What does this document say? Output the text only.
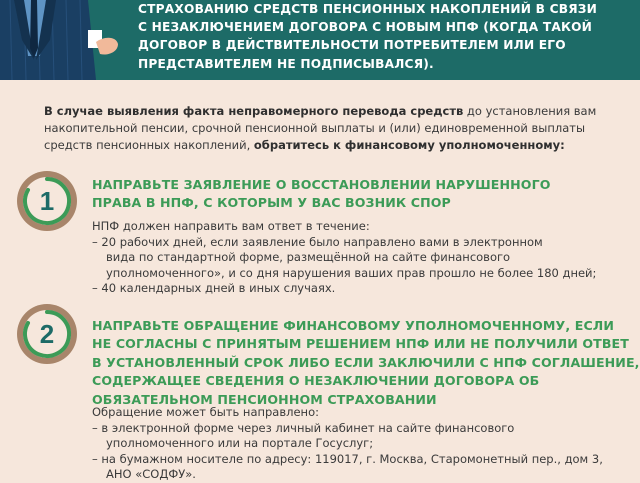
СТРАХОВАНИЮ СРЕДСТВ ПЕНСИОННЫХ НАКОПЛЕНИЙ В СВЯЗИ
С НЕЗАКЛЮЧЕНИЕМ ДОГОВОРА С НОВЫМ НПФ (КОГДА ТАКОЙ
ДОГОВОР В ДЕЙСТВИТЕЛЬНОСТИ ПОТРЕБИТЕЛЕМ ИЛИ ЕГО
ПРЕДСТАВИТЕЛЕМ НЕ ПОДПИСЫВАЛСЯ).
В случае выявления факта неправомерного перевода средств до установления вам
накопительной пенсии, срочной пенсионной выплаты и (или) единовременной выплаты
средств пенсионных накоплений, обратитесь к финансовому уполномоченному:
1
НАПРАВЬТЕ ЗАЯВЛЕНИЕ О ВОССТАНОВЛЕНИИ НАРУШЕННОГО
ПРАВА В НПФ, С КОТОРЫМ У ВАС ВОЗНИК СПОР
НПФ должен направить вам ответ в течение:
– 20 рабочих дней, если заявление было направлено вами в электронном
вида по стандартной форме, размещённой на сайте финансового
уполномоченного», и со дня нарушения ваших прав прошло не более 180 дней;
– 40 календарных дней в иных случаях.
2	НАПРАВЬТЕ ОБРАЩЕНИЕ ФИНАНСОВОМУ УПОЛНОМОЧЕННОМУ, ЕСЛИ
НЕ СОГЛАСНЫ С ПРИНЯТЫМ РЕШЕНИЕМ НПФ ИЛИ НЕ ПОЛУЧИЛИ ОТВЕТ
В УСТАНОВЛЕННЫЙ СРОК ЛИБО ЕСЛИ ЗАКЛЮЧИЛИ С НПФ СОГЛАШЕНИЕ,
СОДЕРЖАЩЕЕ СВЕДЕНИЯ О НЕЗАКЛЮЧЕНИИ ДОГОВОРА ОБ
ОБЯЗАТЕЛЬНОМ ПЕНСИОННОМ СТРАХОВАНИИ
Обращение может быть направлено:
– в электронной форме через личный кабинет на сайте финансового
уполномоченного или на портале Госуслуг;
– на бумажном носителе по адресу: 119017, г. Москва, Старомонетный пер., дом 3,
АНО «СОДФУ».
